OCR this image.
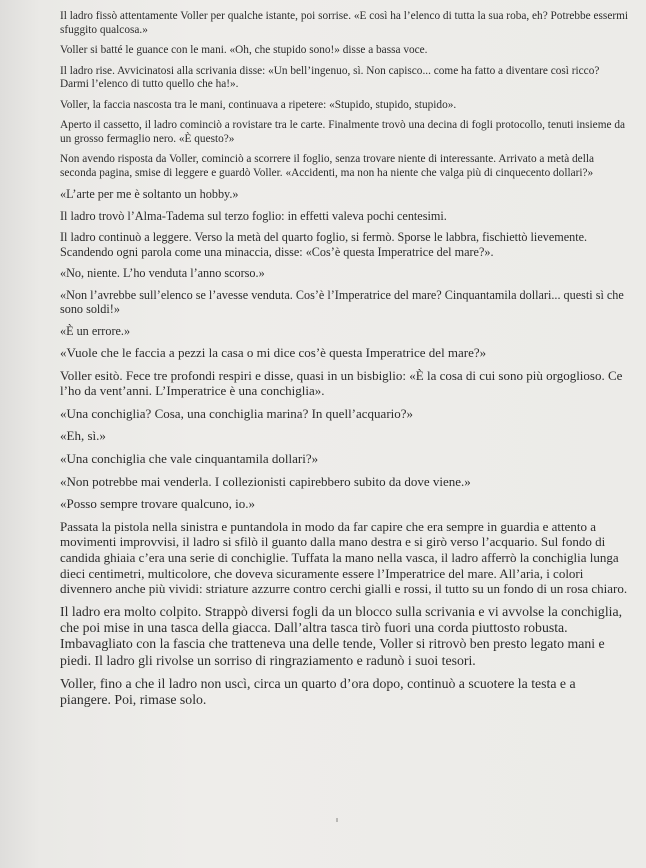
Il ladro fissò attentamente Voller per qualche istante, poi sorrise. «E così ha l’elenco di tutta la sua roba, eh? Potrebbe essermi sfuggito qualcosa.»

Voller si batté le guance con le mani. «Oh, che stupido sono!» disse a bassa voce.

Il ladro rise. Avvicinatosi alla scrivania disse: «Un bell’ingenuo, sì. Non capisco... come ha fatto a diventare così ricco? Darmi l’elenco di tutto quello che ha!».

Voller, la faccia nascosta tra le mani, continuava a ripetere: «Stupido, stupido, stupido».

Aperto il cassetto, il ladro cominciò a rovistare tra le carte. Finalmente trovò una decina di fogli protocollo, tenuti insieme da un grosso fermaglio nero. «È questo?»

Non avendo risposta da Voller, cominciò a scorrere il foglio, senza trovare niente di interessante. Arrivato a metà della seconda pagina, smise di leggere e guardò Voller. «Accidenti, ma non ha niente che valga più di cinquecento dollari?»

«L’arte per me è soltanto un hobby.»

Il ladro trovò l’Alma-Tadema sul terzo foglio: in effetti valeva pochi centesimi.

Il ladro continuò a leggere. Verso la metà del quarto foglio, si fermò. Sporse le labbra, fischiettò lievemente. Scandendo ogni parola come una minaccia, disse: «Cos’è questa Imperatrice del mare?».

«No, niente. L’ho venduta l’anno scorso.»

«Non l’avrebbe sull’elenco se l’avesse venduta. Cos’è l’Imperatrice del mare? Cinquantamila dollari... questi sì che sono soldi!»

«È un errore.»

«Vuole che le faccia a pezzi la casa o mi dice cos’è questa Imperatrice del mare?»

Voller esitò. Fece tre profondi respiri e disse, quasi in un bisbiglio: «È la cosa di cui sono più orgoglioso. Ce l’ho da vent’anni. L’Imperatrice è una conchiglia».

«Una conchiglia? Cosa, una conchiglia marina? In quell’acquario?»

«Eh, sì.»

«Una conchiglia che vale cinquantamila dollari?»

«Non potrebbe mai venderla. I collezionisti capirebbero subito da dove viene.»

«Posso sempre trovare qualcuno, io.»

Passata la pistola nella sinistra e puntandola in modo da far capire che era sempre in guardia e attento a movimenti improvvisi, il ladro si sfilò il guanto dalla mano destra e si girò verso l’acquario. Sul fondo di candida ghiaia c’era una serie di conchiglie. Tuffata la mano nella vasca, il ladro afferrò la conchiglia lunga dieci centimetri, multicolore, che doveva sicuramente essere l’Imperatrice del mare. All’aria, i colori divennero anche più vividi: striature azzurre contro cerchi gialli e rossi, il tutto su un fondo di un rosa chiaro.

Il ladro era molto colpito. Strappò diversi fogli da un blocco sulla scrivania e vi avvolse la conchiglia, che poi mise in una tasca della giacca. Dall’altra tasca tirò fuori una corda piuttosto robusta. Imbavagliato con la fascia che tratteneva una delle tende, Voller si ritrovò ben presto legato mani e piedi. Il ladro gli rivolse un sorriso di ringraziamento e radunò i suoi tesori.

Voller, fino a che il ladro non uscì, circa un quarto d’ora dopo, continuò a scuotere la testa e a piangere. Poi, rimase solo.
